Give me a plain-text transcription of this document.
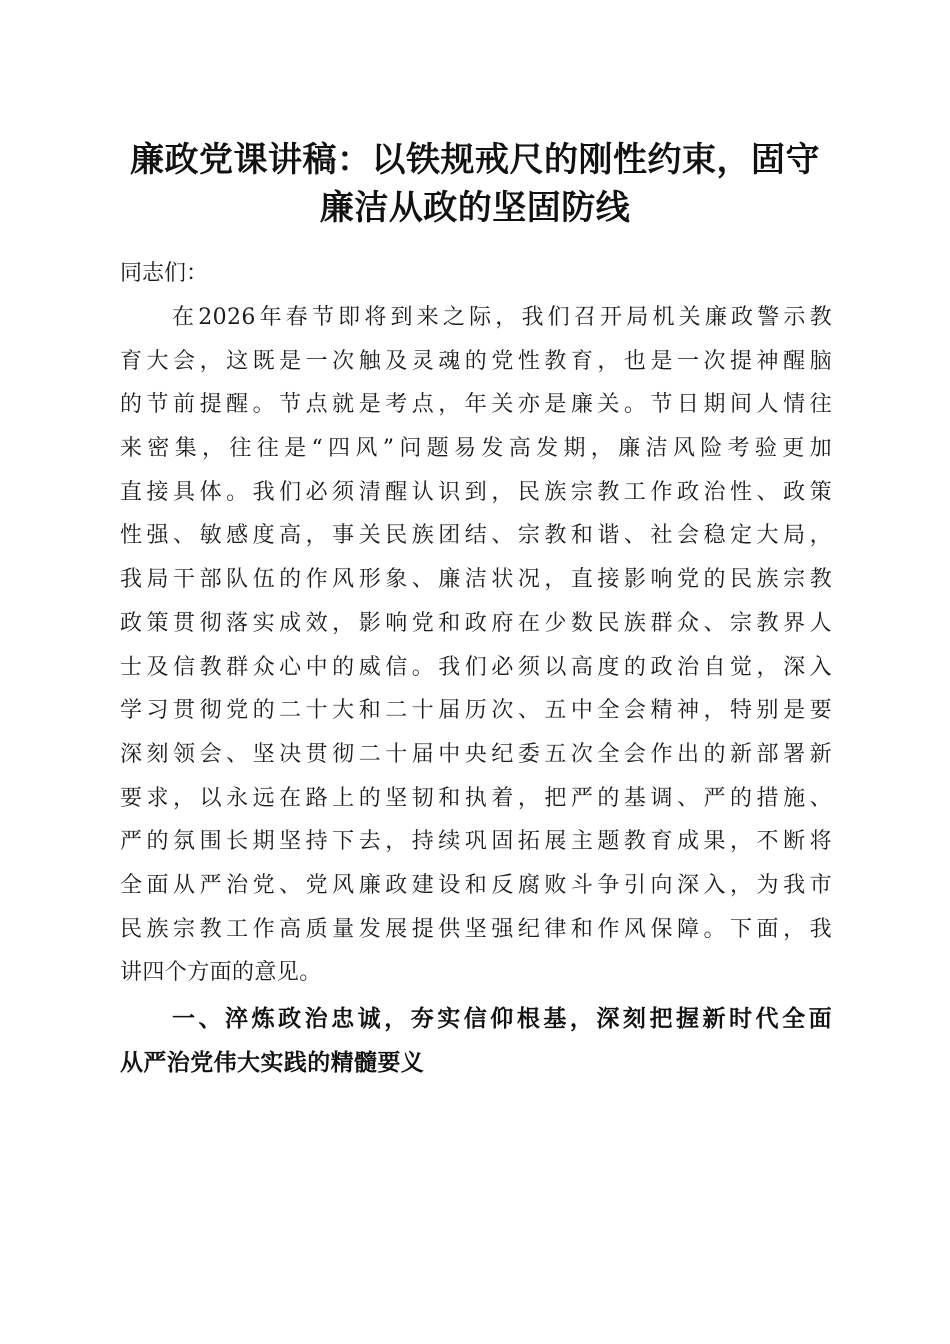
廉政党课讲稿：以铁规戒尺的刚性约束，固守
廉洁从政的坚固防线

同志们：

在2026年春节即将到来之际，我们召开局机关廉政警示教
育大会，这既是一次触及灵魂的党性教育，也是一次提神醒脑
的节前提醒。节点就是考点，年关亦是廉关。节日期间人情往
来密集，往往是“四风”问题易发高发期，廉洁风险考验更加
直接具体。我们必须清醒认识到，民族宗教工作政治性、政策
性强、敏感度高，事关民族团结、宗教和谐、社会稳定大局，
我局干部队伍的作风形象、廉洁状况，直接影响党的民族宗教
政策贯彻落实成效，影响党和政府在少数民族群众、宗教界人
士及信教群众心中的威信。我们必须以高度的政治自觉，深入
学习贯彻党的二十大和二十届历次、五中全会精神，特别是要
深刻领会、坚决贯彻二十届中央纪委五次全会作出的新部署新
要求，以永远在路上的坚韧和执着，把严的基调、严的措施、
严的氛围长期坚持下去，持续巩固拓展主题教育成果，不断将
全面从严治党、党风廉政建设和反腐败斗争引向深入，为我市
民族宗教工作高质量发展提供坚强纪律和作风保障。下面，我
讲四个方面的意见。

一、淬炼政治忠诚，夯实信仰根基，深刻把握新时代全面
从严治党伟大实践的精髓要义
